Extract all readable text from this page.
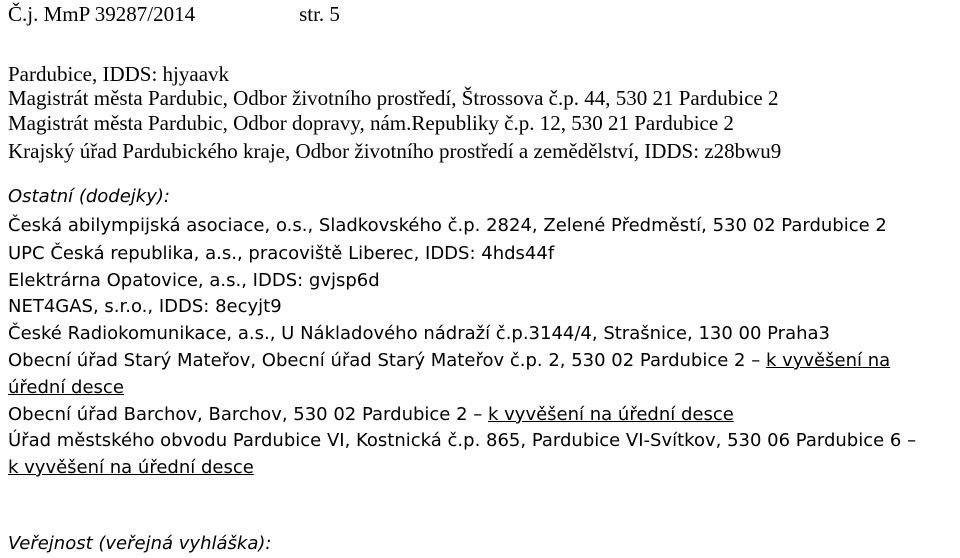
Č.j. MmP 39287/2014	str. 5
Pardubice, IDDS: hjyaavk
Magistrát města Pardubic, Odbor životního prostředí, Štrossova č.p. 44, 530 21 Pardubice 2
Magistrát města Pardubic, Odbor dopravy, nám.Republiky č.p. 12, 530 21 Pardubice 2
Krajský úřad Pardubického kraje, Odbor životního prostředí a zemědělství, IDDS: z28bwu9
Ostatní (dodejky):
Česká abilympijská asociace, o.s., Sladkovského č.p. 2824, Zelené Předměstí, 530 02 Pardubice 2
UPC Česká republika, a.s., pracoviště Liberec, IDDS: 4hds44f
Elektrárna Opatovice, a.s., IDDS: gvjsp6d
NET4GAS, s.r.o., IDDS: 8ecyjt9
České Radiokomunikace, a.s., U Nákladového nádraží č.p.3144/4, Strašnice, 130 00 Praha3
Obecní úřad Starý Mateřov, Obecní úřad Starý Mateřov č.p. 2, 530 02 Pardubice 2 – k vyvěšení na
úřední desce
Obecní úřad Barchov, Barchov, 530 02 Pardubice 2 – k vyvěšení na úřední desce
Úřad městského obvodu Pardubice VI, Kostnická č.p. 865, Pardubice VI-Svítkov, 530 06 Pardubice 6 –
k vyvěšení na úřední desce
Veřejnost (veřejná vyhláška):
